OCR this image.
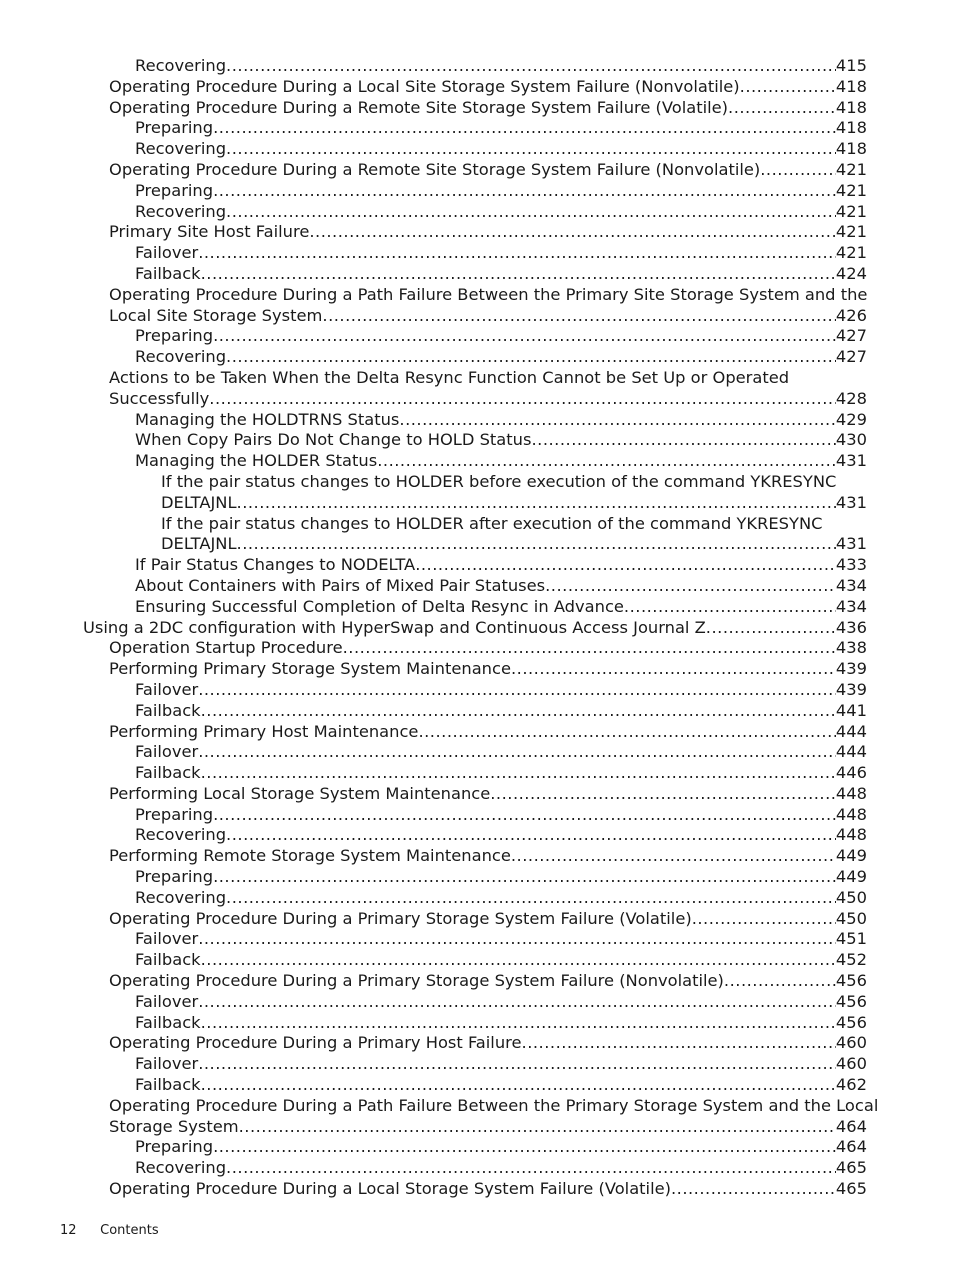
Recovering .....	415
Operating Procedure During a Local Site Storage System Failure (Nonvolatile) .....	418
Operating Procedure During a Remote Site Storage System Failure (Volatile) .....	418
Preparing .....	418
Recovering .....	418
Operating Procedure During a Remote Site Storage System Failure (Nonvolatile) .....	421
Preparing .....	421
Recovering .....	421
Primary Site Host Failure .....	421
Failover .....	421
Failback .....	424
Operating Procedure During a Path Failure Between the Primary Site Storage System and the
Local Site Storage System .....	426
Preparing .....	427
Recovering .....	427
Actions to be Taken When the Delta Resync Function Cannot be Set Up or Operated
Successfully .....	428
Managing the HOLDTRNS Status .....	429
When Copy Pairs Do Not Change to HOLD Status .....	430
Managing the HOLDER Status .....	431
If the pair status changes to HOLDER before execution of the command YKRESYNC
DELTAJNL .....	431
If the pair status changes to HOLDER after execution of the command YKRESYNC
DELTAJNL .....	431
If Pair Status Changes to NODELTA .....	433
About Containers with Pairs of Mixed Pair Statuses .....	434
Ensuring Successful Completion of Delta Resync in Advance .....	434
Using a 2DC configuration with HyperSwap and Continuous Access Journal Z .....	436
Operation Startup Procedure .....	438
Performing Primary Storage System Maintenance .....	439
Failover .....	439
Failback .....	441
Performing Primary Host Maintenance .....	444
Failover .....	444
Failback .....	446
Performing Local Storage System Maintenance .....	448
Preparing .....	448
Recovering .....	448
Performing Remote Storage System Maintenance .....	449
Preparing .....	449
Recovering .....	450
Operating Procedure During a Primary Storage System Failure (Volatile) .....	450
Failover .....	451
Failback .....	452
Operating Procedure During a Primary Storage System Failure (Nonvolatile) .....	456
Failover .....	456
Failback .....	456
Operating Procedure During a Primary Host Failure .....	460
Failover .....	460
Failback .....	462
Operating Procedure During a Path Failure Between the Primary Storage System and the Local
Storage System .....	464
Preparing .....	464
Recovering .....	465
Operating Procedure During a Local Storage System Failure (Volatile) .....	465
12 Contents
